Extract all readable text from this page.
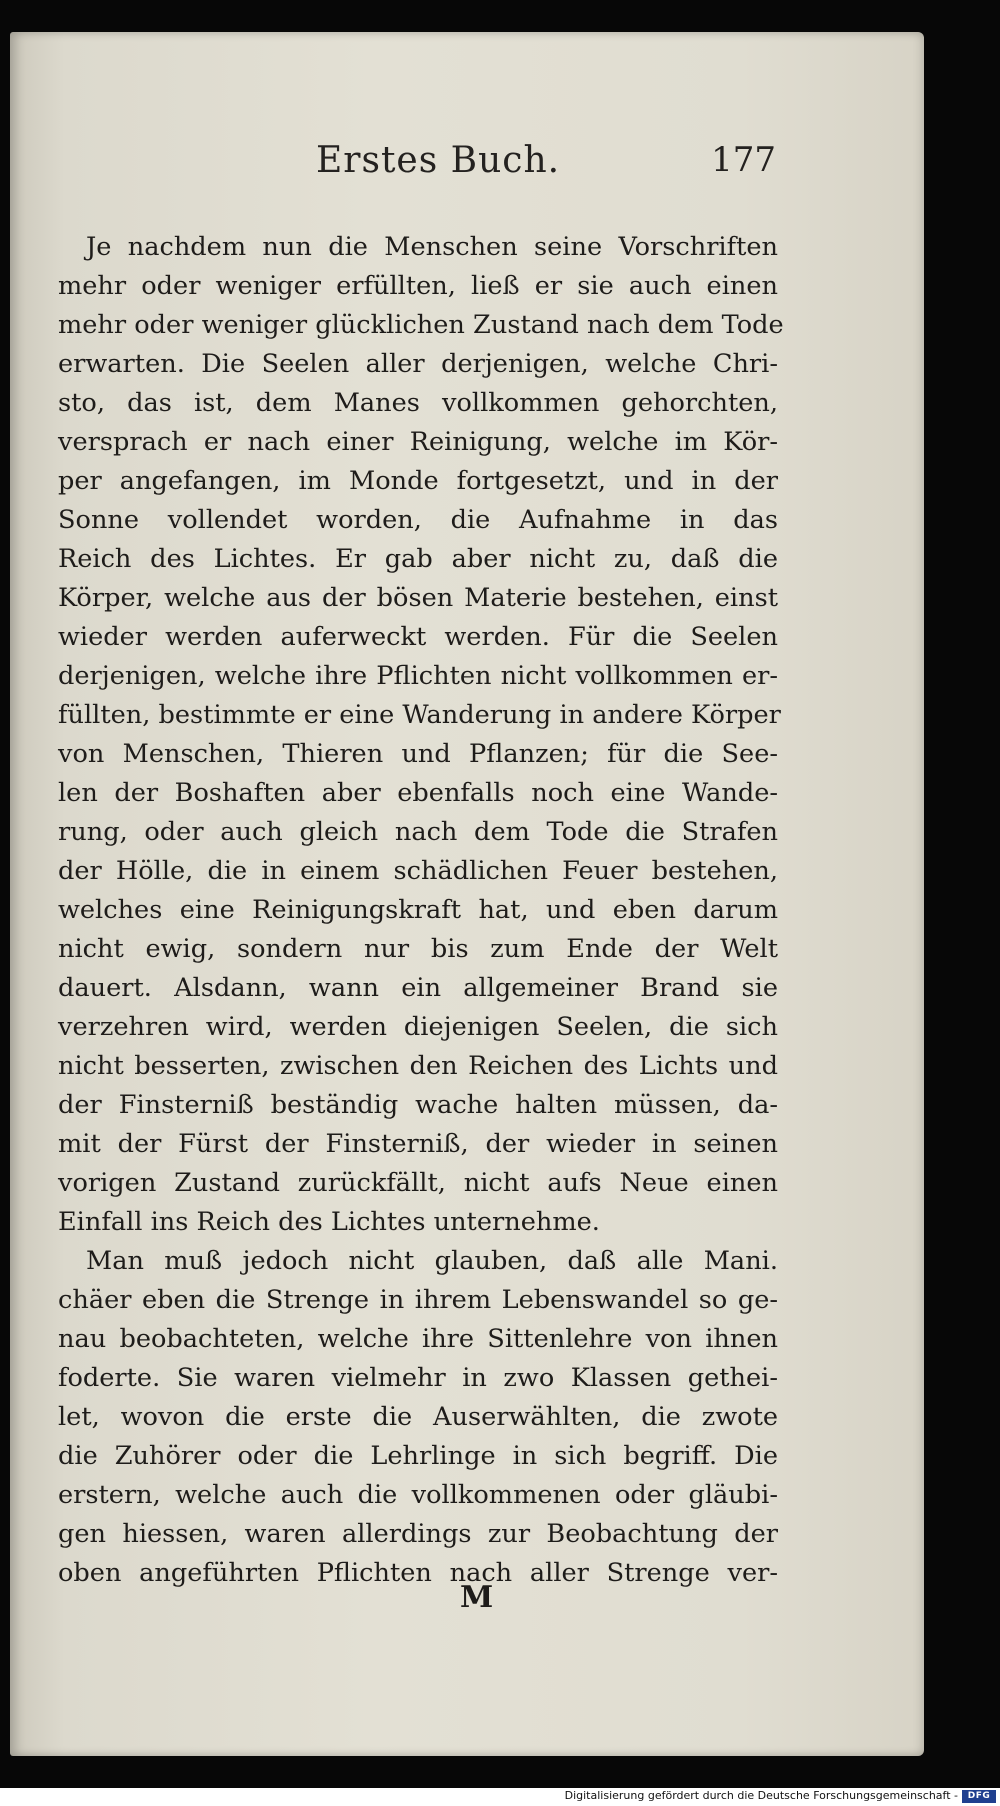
Erstes Buch.	177
Je nachdem nun die Menschen seine Vorschriften
mehr oder weniger erfüllten, ließ er sie auch einen
mehr oder weniger glücklichen Zustand nach dem Tode
erwarten. Die Seelen aller derjenigen, welche Chri-
sto, das ist, dem Manes vollkommen gehorchten,
versprach er nach einer Reinigung, welche im Kör-
per angefangen, im Monde fortgesetzt, und in der
Sonne vollendet worden, die Aufnahme in das
Reich des Lichtes. Er gab aber nicht zu, daß die
Körper, welche aus der bösen Materie bestehen, einst
wieder werden auferweckt werden. Für die Seelen
derjenigen, welche ihre Pflichten nicht vollkommen er-
füllten, bestimmte er eine Wanderung in andere Körper
von Menschen, Thieren und Pflanzen; für die See-
len der Boshaften aber ebenfalls noch eine Wande-
rung, oder auch gleich nach dem Tode die Strafen
der Hölle, die in einem schädlichen Feuer bestehen,
welches eine Reinigungskraft hat, und eben darum
nicht ewig, sondern nur bis zum Ende der Welt
dauert. Alsdann, wann ein allgemeiner Brand sie
verzehren wird, werden diejenigen Seelen, die sich
nicht besserten, zwischen den Reichen des Lichts und
der Finsterniß beständig wache halten müssen, da-
mit der Fürst der Finsterniß, der wieder in seinen
vorigen Zustand zurückfällt, nicht aufs Neue einen
Einfall ins Reich des Lichtes unternehme.
Man muß jedoch nicht glauben, daß alle Mani.
chäer eben die Strenge in ihrem Lebenswandel so ge-
nau beobachteten, welche ihre Sittenlehre von ihnen
foderte. Sie waren vielmehr in zwo Klassen gethei-
let, wovon die erste die Auserwählten, die zwote
die Zuhörer oder die Lehrlinge in sich begriff. Die
erstern, welche auch die vollkommenen oder gläubi-
gen hiessen, waren allerdings zur Beobachtung der
oben angeführten Pflichten nach aller Strenge ver-
M
Digitalisierung gefördert durch die Deutsche Forschungsgemeinschaft -	DFG
